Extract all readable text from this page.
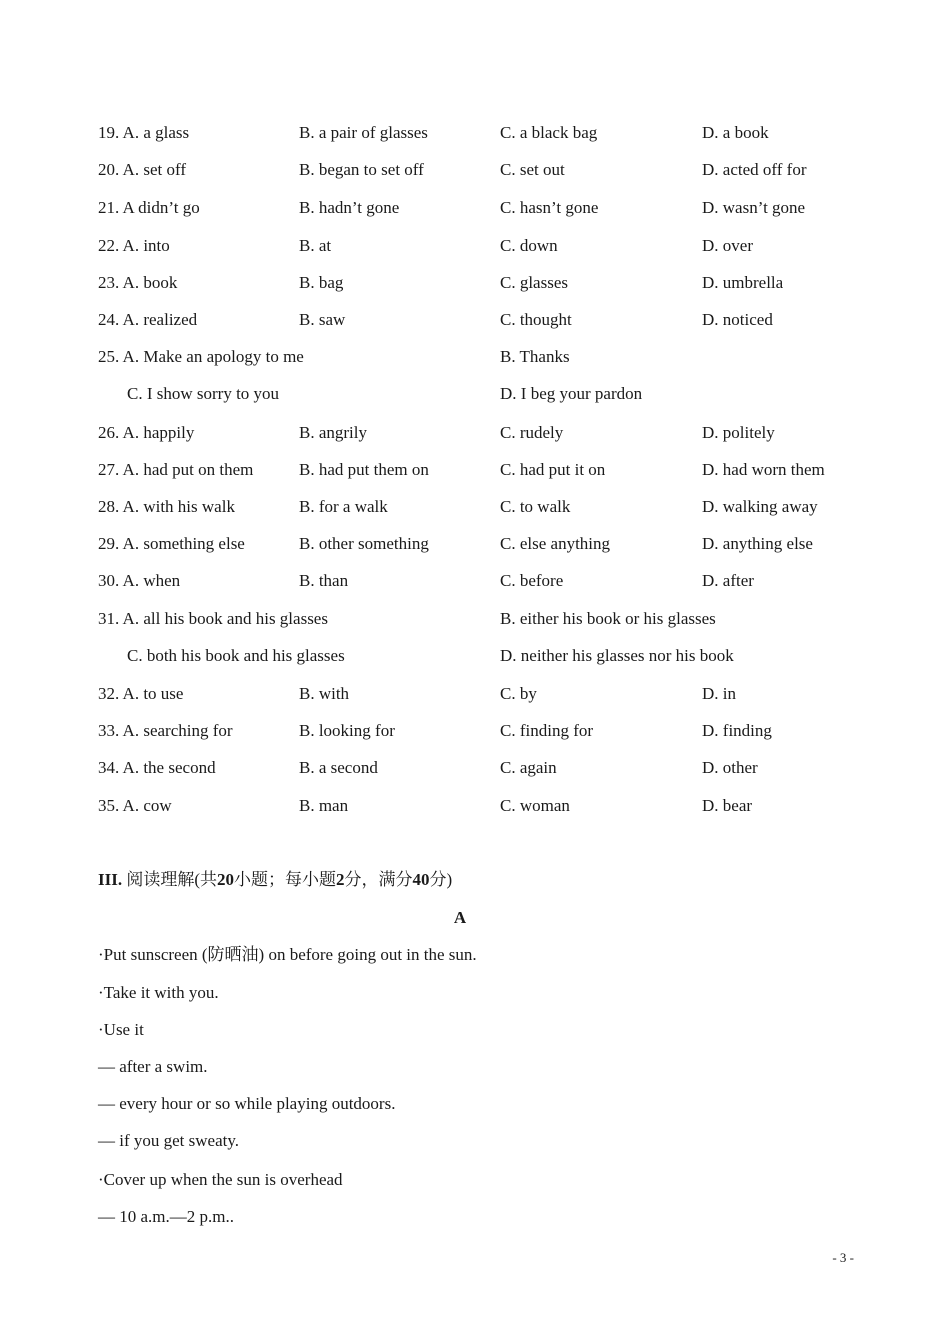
19. A. a glass	B. a pair of glasses	C. a black bag	D. a book
20. A. set off	B. began to set off	C. set out	D. acted off for
21. A didn’t go	B. hadn’t gone	C. hasn’t gone	D. wasn’t gone
22. A. into	B. at	C. down	D. over
23. A. book	B. bag	C. glasses	D. umbrella
24. A. realized	B. saw	C. thought	D. noticed
25. A. Make an apology to me	B. Thanks
C. I show sorry to you	D. I beg your pardon
26. A. happily	B. angrily	C. rudely	D. politely
27. A. had put on them	B. had put them on	C. had put it on	D. had worn them
28. A. with his walk	B. for a walk	C. to walk	D. walking away
29. A. something else	B. other something	C. else anything	D. anything else
30. A. when	B. than	C. before	D. after
31. A. all his book and his glasses	B. either his book or his glasses
C. both his book and his glasses	D. neither his glasses nor his book
32. A. to use	B. with	C. by	D. in
33. A. searching for	B. looking for	C. finding for	D. finding
34. A. the second	B. a second	C. again	D. other
35. A. cow	B. man	C. woman	D. bear
III. 阅读理解(共20小题；每小题2分，满分40分)
A
·Put sunscreen (防晒油) on before going out in the sun.
·Take it with you.
·Use it
— after a swim.
— every hour or so while playing outdoors.
— if you get sweaty.
·Cover up when the sun is overhead
— 10 a.m.—2 p.m..
- 3 -
